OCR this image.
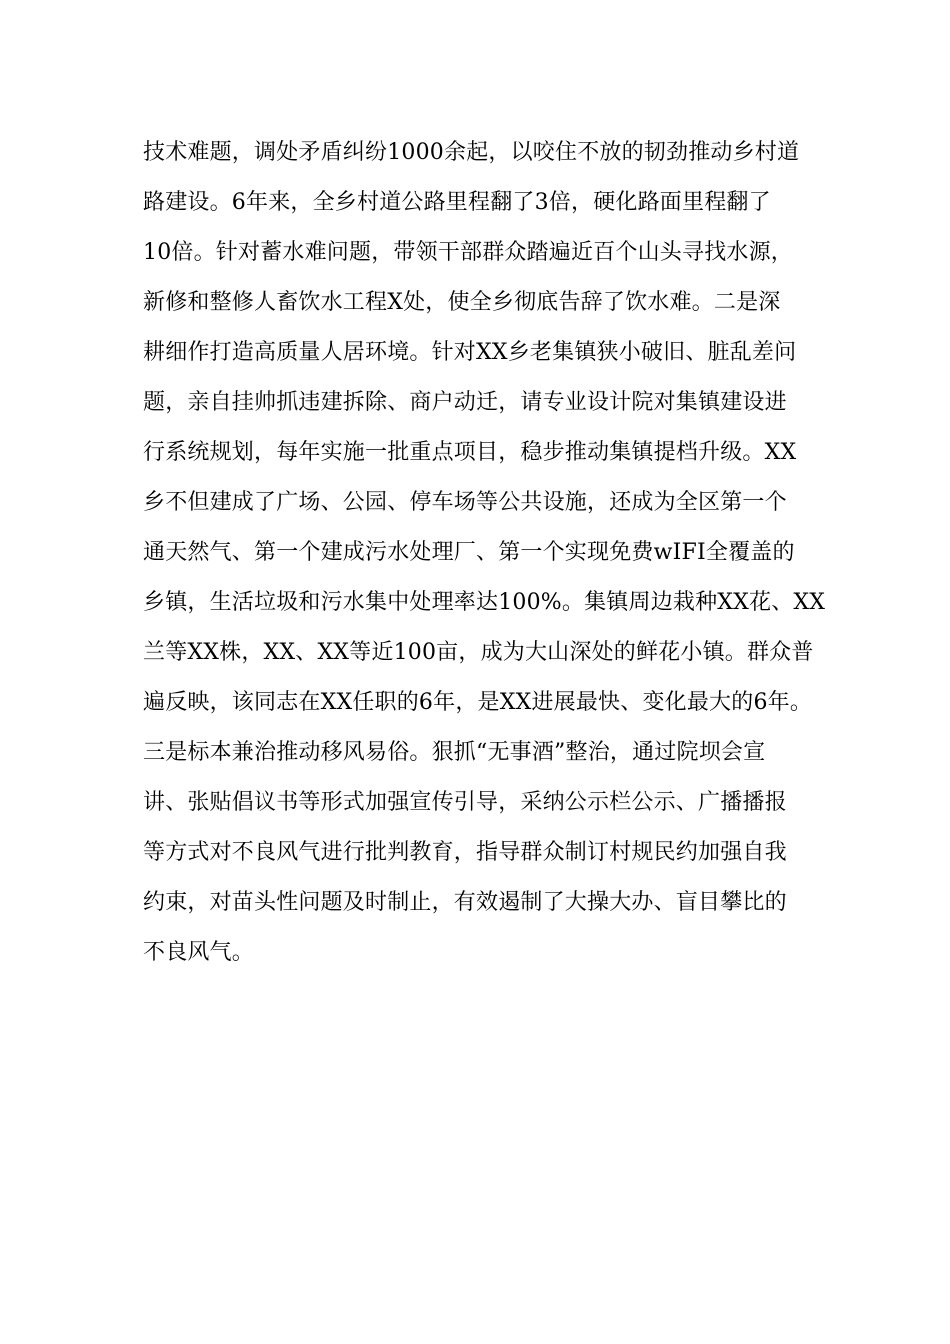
技术难题，调处矛盾纠纷1000余起，以咬住不放的韧劲推动乡村道
路建设。6年来，全乡村道公路里程翻了3倍，硬化路面里程翻了
10倍。针对蓄水难问题，带领干部群众踏遍近百个山头寻找水源，
新修和整修人畜饮水工程X处，使全乡彻底告辞了饮水难。二是深
耕细作打造高质量人居环境。针对XX乡老集镇狭小破旧、脏乱差问
题，亲自挂帅抓违建拆除、商户动迁，请专业设计院对集镇建设进
行系统规划，每年实施一批重点项目，稳步推动集镇提档升级。XX
乡不但建成了广场、公园、停车场等公共设施，还成为全区第一个
通天然气、第一个建成污水处理厂、第一个实现免费wIFI全覆盖的
乡镇，生活垃圾和污水集中处理率达100%。集镇周边栽种XX花、XX
兰等XX株，XX、XX等近100亩，成为大山深处的鲜花小镇。群众普
遍反映，该同志在XX任职的6年，是XX进展最快、变化最大的6年。
三是标本兼治推动移风易俗。狠抓“无事酒”整治，通过院坝会宣
讲、张贴倡议书等形式加强宣传引导，采纳公示栏公示、广播播报
等方式对不良风气进行批判教育，指导群众制订村规民约加强自我
约束，对苗头性问题及时制止，有效遏制了大操大办、盲目攀比的
不良风气。
